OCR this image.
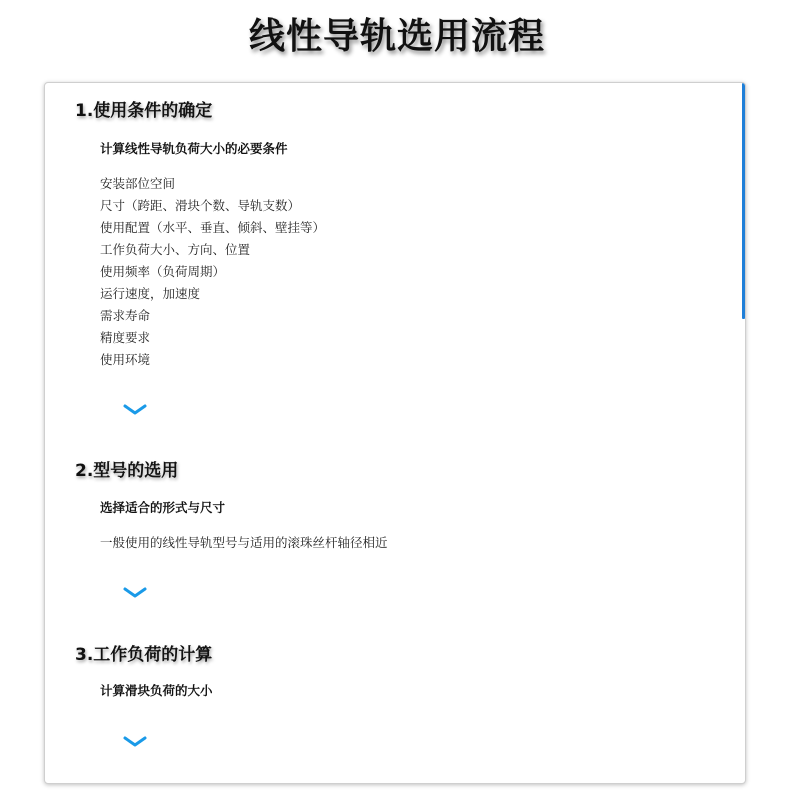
线性导轨选用流程
1.使用条件的确定
计算线性导轨负荷大小的必要条件
安装部位空间
尺寸（跨距、滑块个数、导轨支数）
使用配置（水平、垂直、倾斜、壁挂等）
工作负荷大小、方向、位置
使用频率（负荷周期）
运行速度，加速度
需求寿命
精度要求
使用环境
2.型号的选用
选择适合的形式与尺寸
一般使用的线性导轨型号与适用的滚珠丝杆轴径相近
3.工作负荷的计算
计算滑块负荷的大小
